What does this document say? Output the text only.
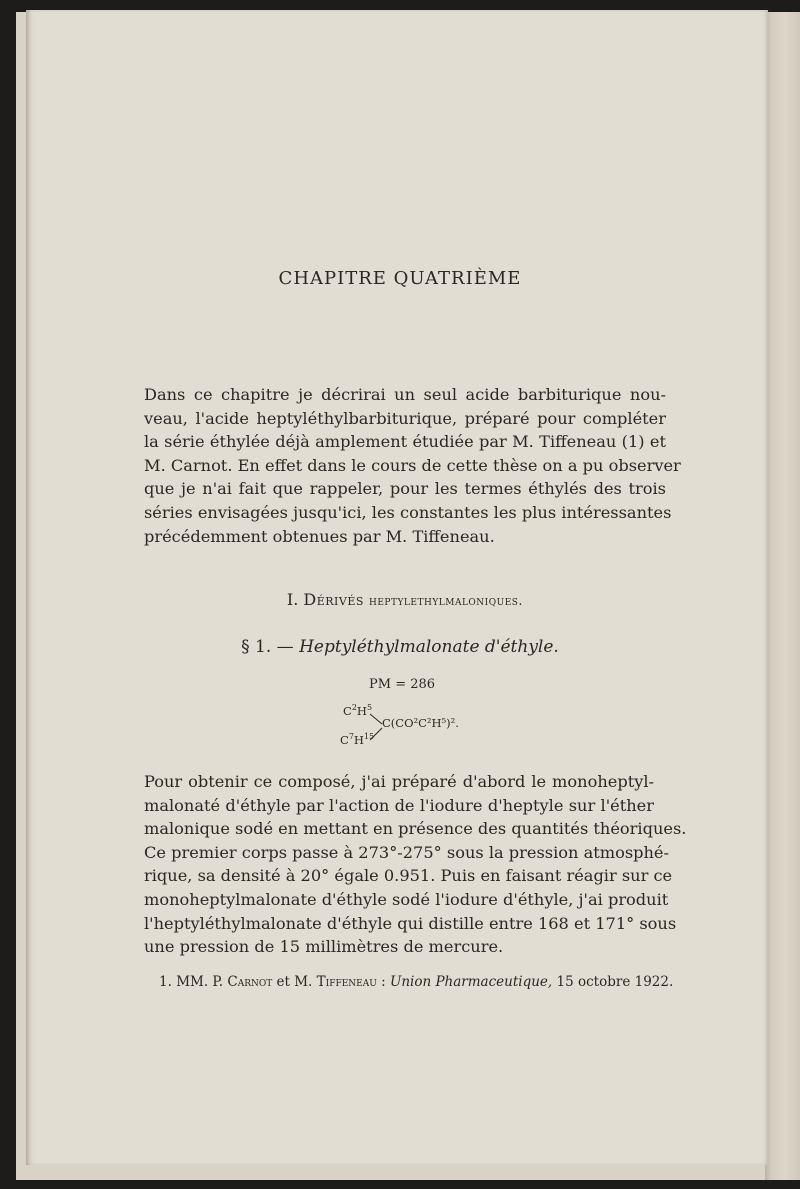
CHAPITRE QUATRIÈME
Dans ce chapitre je décrirai un seul acide barbiturique nou-
veau, l'acide heptyléthylbarbiturique, préparé pour compléter
la série éthylée déjà amplement étudiée par M. Tiffeneau (1) et
M. Carnot. En effet dans le cours de cette thèse on a pu observer
que je n'ai fait que rappeler, pour les termes éthylés des trois
séries envisagées jusqu'ici, les constantes les plus intéressantes
précédemment obtenues par M. Tiffeneau.
I. Dérivés heptylethylmaloniques.
§ 1. — Heptyléthylmalonate d'éthyle.
PM = 286
$C^2H^5$
$C^7H^{15}$
C(CO²C²H⁵)².
Pour obtenir ce composé, j'ai préparé d'abord le monoheptyl-
malonaté d'éthyle par l'action de l'iodure d'heptyle sur l'éther
malonique sodé en mettant en présence des quantités théoriques.
Ce premier corps passe à 273°-275° sous la pression atmosphé-
rique, sa densité à 20° égale 0.951. Puis en faisant réagir sur ce
monoheptylmalonate d'éthyle sodé l'iodure d'éthyle, j'ai produit
l'heptyléthylmalonate d'éthyle qui distille entre 168 et 171° sous
une pression de 15 millimètres de mercure.
1. MM. P. Carnot et M. Tiffeneau : Union Pharmaceutique, 15 octobre 1922.
